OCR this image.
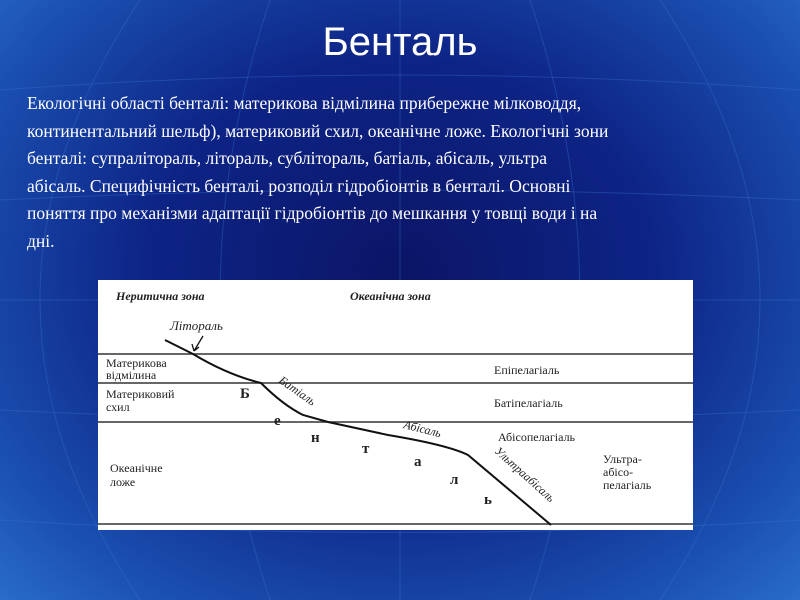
Бенталь
Екологічні області бенталі: материкова відмілина прибережне мілководдя,
континентальний шельф), материковий схил, океанічне ложе. Екологічні зони
бенталі: супраліторaль, літораль, субліторaль, батіаль, абісаль, ультра
абісаль. Специфічність бенталі, розподіл гідробіонтів в бенталі. Основні
поняття про механізми адаптації гідробіонтів до мешкання у товщі води і на
дні.
Неритична зона	Океанічна зона
Літораль
Материкова
відмілина
Материковий
схил
Океанічне
ложе
Епіпелагіаль
Батіпелагіаль
Абісопелагіаль
Ультра-
абісо-
пелагіаль
Батіаль
Абісаль
Ультраабісаль
Б
е
н
т
а
л
ь
